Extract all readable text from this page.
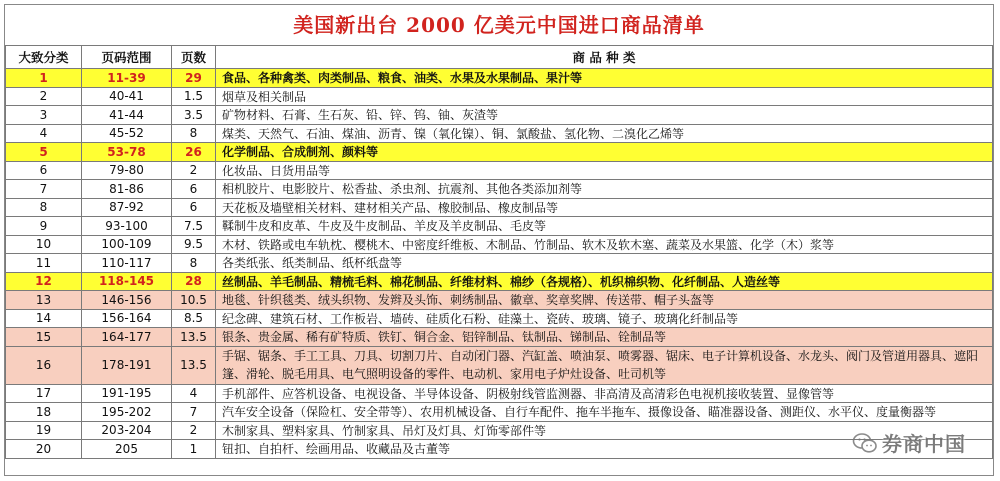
美国新出台 2000 亿美元中国进口商品清单
大致分类	页码范围	页数	商 品 种 类
1	11-39	29	食品、各种禽类、肉类制品、粮食、油类、水果及水果制品、果汁等
2	40-41	1.5	烟草及相关制品
3	41-44	3.5	矿物材料、石膏、生石灰、铅、锌、钨、铀、灰渣等
4	45-52	8	煤类、天然气、石油、煤油、沥青、镍（氧化镍）、铜、氯酸盐、氢化物、二溴化乙烯等
5	53-78	26	化学制品、合成制剂、颜料等
6	79-80	2	化妆品、日货用品等
7	81-86	6	相机胶片、电影胶片、松香盐、杀虫剂、抗震剂、其他各类添加剂等
8	87-92	6	天花板及墙壁相关材料、建材相关产品、橡胶制品、橡皮制品等
9	93-100	7.5	鞣制牛皮和皮革、牛皮及牛皮制品、羊皮及羊皮制品、毛皮等
10	100-109	9.5	木材、铁路或电车轨枕、樱桃木、中密度纤维板、木制品、竹制品、软木及软木塞、蔬菜及水果篮、化学（木）浆等
11	110-117	8	各类纸张、纸类制品、纸杯纸盘等
12	118-145	28	丝制品、羊毛制品、精梳毛料、棉花制品、纤维材料、棉纱（各规格）、机织棉织物、化纤制品、人造丝等
13	146-156	10.5	地毯、针织毯类、绒头织物、发辫及头饰、刺绣制品、徽章、奖章奖牌、传送带、帽子头盔等
14	156-164	8.5	纪念碑、建筑石材、工作板岩、墙砖、硅质化石粉、硅藻土、瓷砖、玻璃、镜子、玻璃化纤制品等
15	164-177	13.5	银条、贵金属、稀有矿特质、铁钉、铜合金、铝锌制品、钛制品、锑制品、铨制品等
16	178-191	13.5	手锯、锯条、手工工具、刀具、切割刀片、自动闭门器、汽缸盖、喷油泵、喷雾器、锯床、电子计算机设备、水龙头、阀门及管道用器具、遮阳篷、滑轮、脱毛用具、电气照明设备的零件、电动机、家用电子炉灶设备、吐司机等
17	191-195	4	手机部件、应答机设备、电视设备、半导体设备、阴极射线管监测器、非高清及高清彩色电视机接收装置、显像管等
18	195-202	7	汽车安全设备（保险杠、安全带等）、农用机械设备、自行车配件、拖车半拖车、摄像设备、瞄准器设备、测距仪、水平仪、度量衡器等
19	203-204	2	木制家具、塑料家具、竹制家具、吊灯及灯具、灯饰零部件等
20	205	1	钮扣、自拍杆、绘画用品、收藏品及古董等	券商中国
